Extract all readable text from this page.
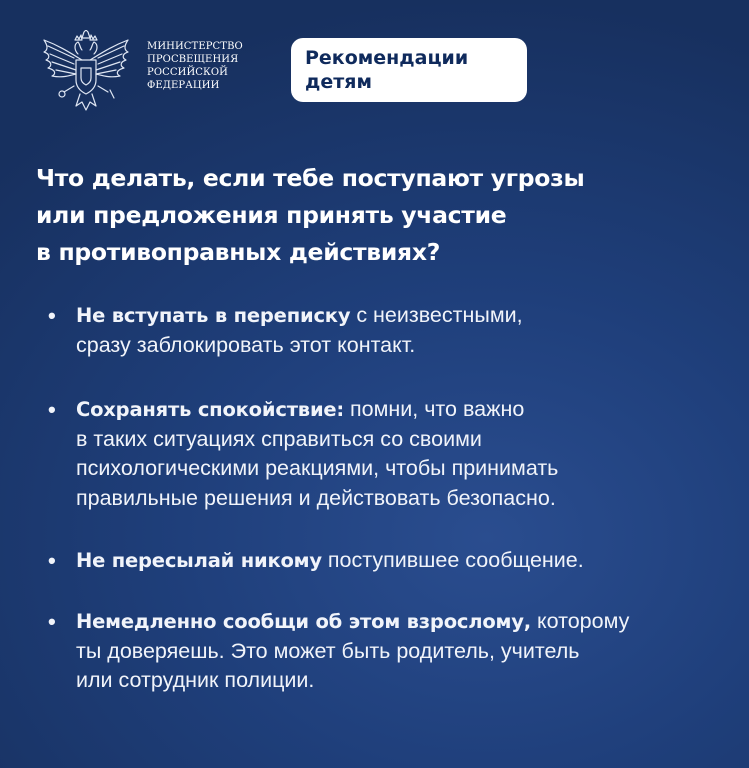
МИНИСТЕРСТВО
ПРОСВЕЩЕНИЯ
РОССИЙСКОЙ
ФЕДЕРАЦИИ
Рекомендации
детям
Что делать, если тебе поступают угрозы
или предложения принять участие
в противоправных действиях?
• Не вступать в переписку с неизвестными,
сразу заблокировать этот контакт.
• Сохранять спокойствие: помни, что важно
в таких ситуациях справиться со своими
психологическими реакциями, чтобы принимать
правильные решения и действовать безопасно.
• Не пересылай никому поступившее сообщение.
• Немедленно сообщи об этом взрослому, которому
ты доверяешь. Это может быть родитель, учитель
или сотрудник полиции.
